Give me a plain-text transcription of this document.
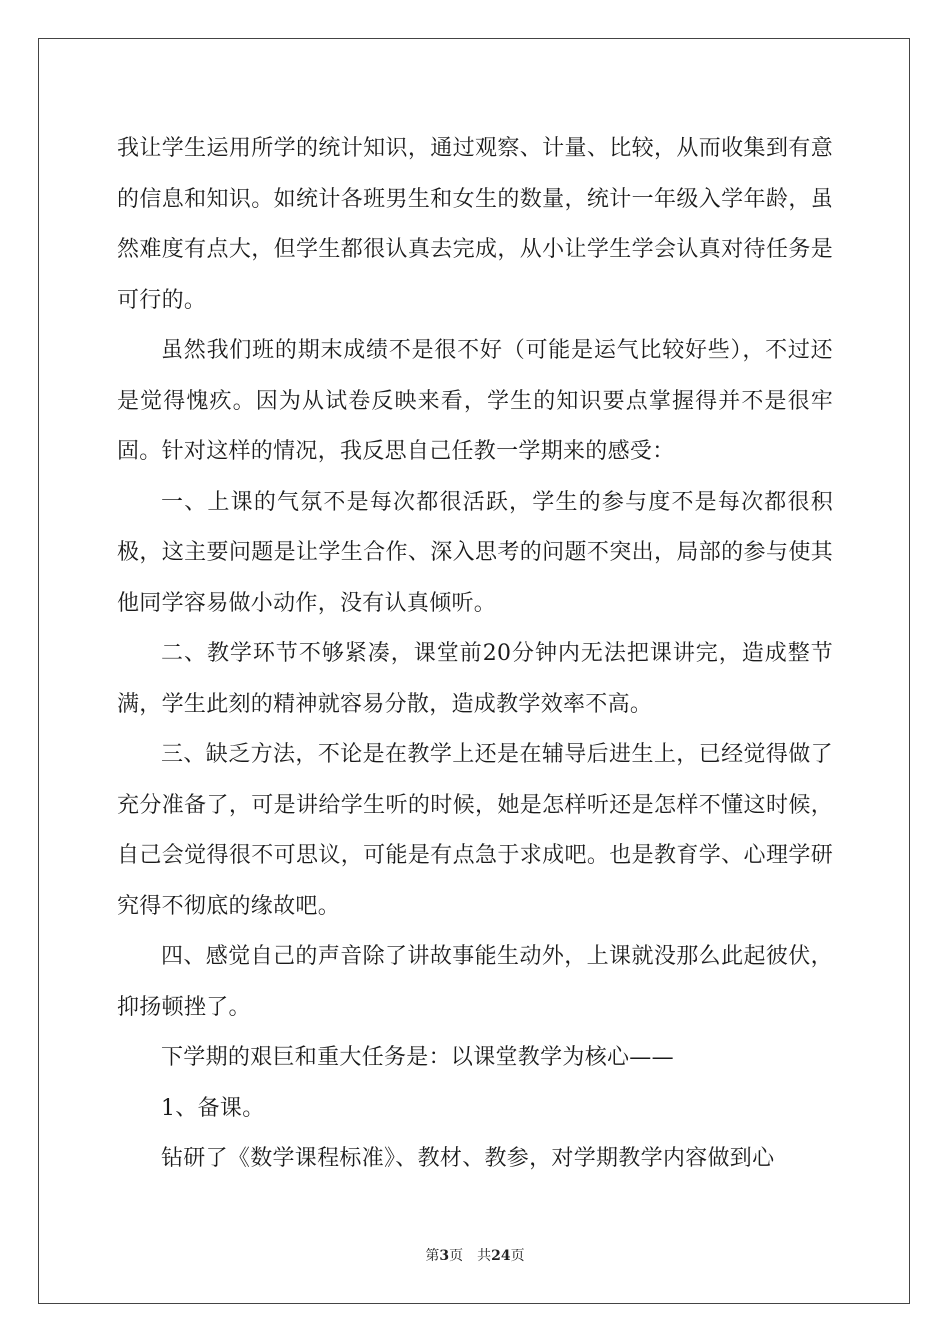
我让学生运用所学的统计知识，通过观察、计量、比较，从而收集到有意的信息和知识。如统计各班男生和女生的数量，统计一年级入学年龄，虽然难度有点大，但学生都很认真去完成，从小让学生学会认真对待任务是可行的。

虽然我们班的期末成绩不是很不好（可能是运气比较好些），不过还是觉得愧疚。因为从试卷反映来看，学生的知识要点掌握得并不是很牢固。针对这样的情况，我反思自己任教一学期来的感受：

一、上课的气氛不是每次都很活跃，学生的参与度不是每次都很积极，这主要问题是让学生合作、深入思考的问题不突出，局部的参与使其他同学容易做小动作，没有认真倾听。

二、教学环节不够紧凑，课堂前20分钟内无法把课讲完，造成整节满，学生此刻的精神就容易分散，造成教学效率不高。

三、缺乏方法，不论是在教学上还是在辅导后进生上，已经觉得做了充分准备了，可是讲给学生听的时候，她是怎样听还是怎样不懂这时候，自己会觉得很不可思议，可能是有点急于求成吧。也是教育学、心理学研究得不彻底的缘故吧。

四、感觉自己的声音除了讲故事能生动外，上课就没那么此起彼伏，抑扬顿挫了。

下学期的艰巨和重大任务是：以课堂教学为核心——

1、备课。

钻研了《数学课程标准》、教材、教参，对学期教学内容做到心

第3页 共24页
